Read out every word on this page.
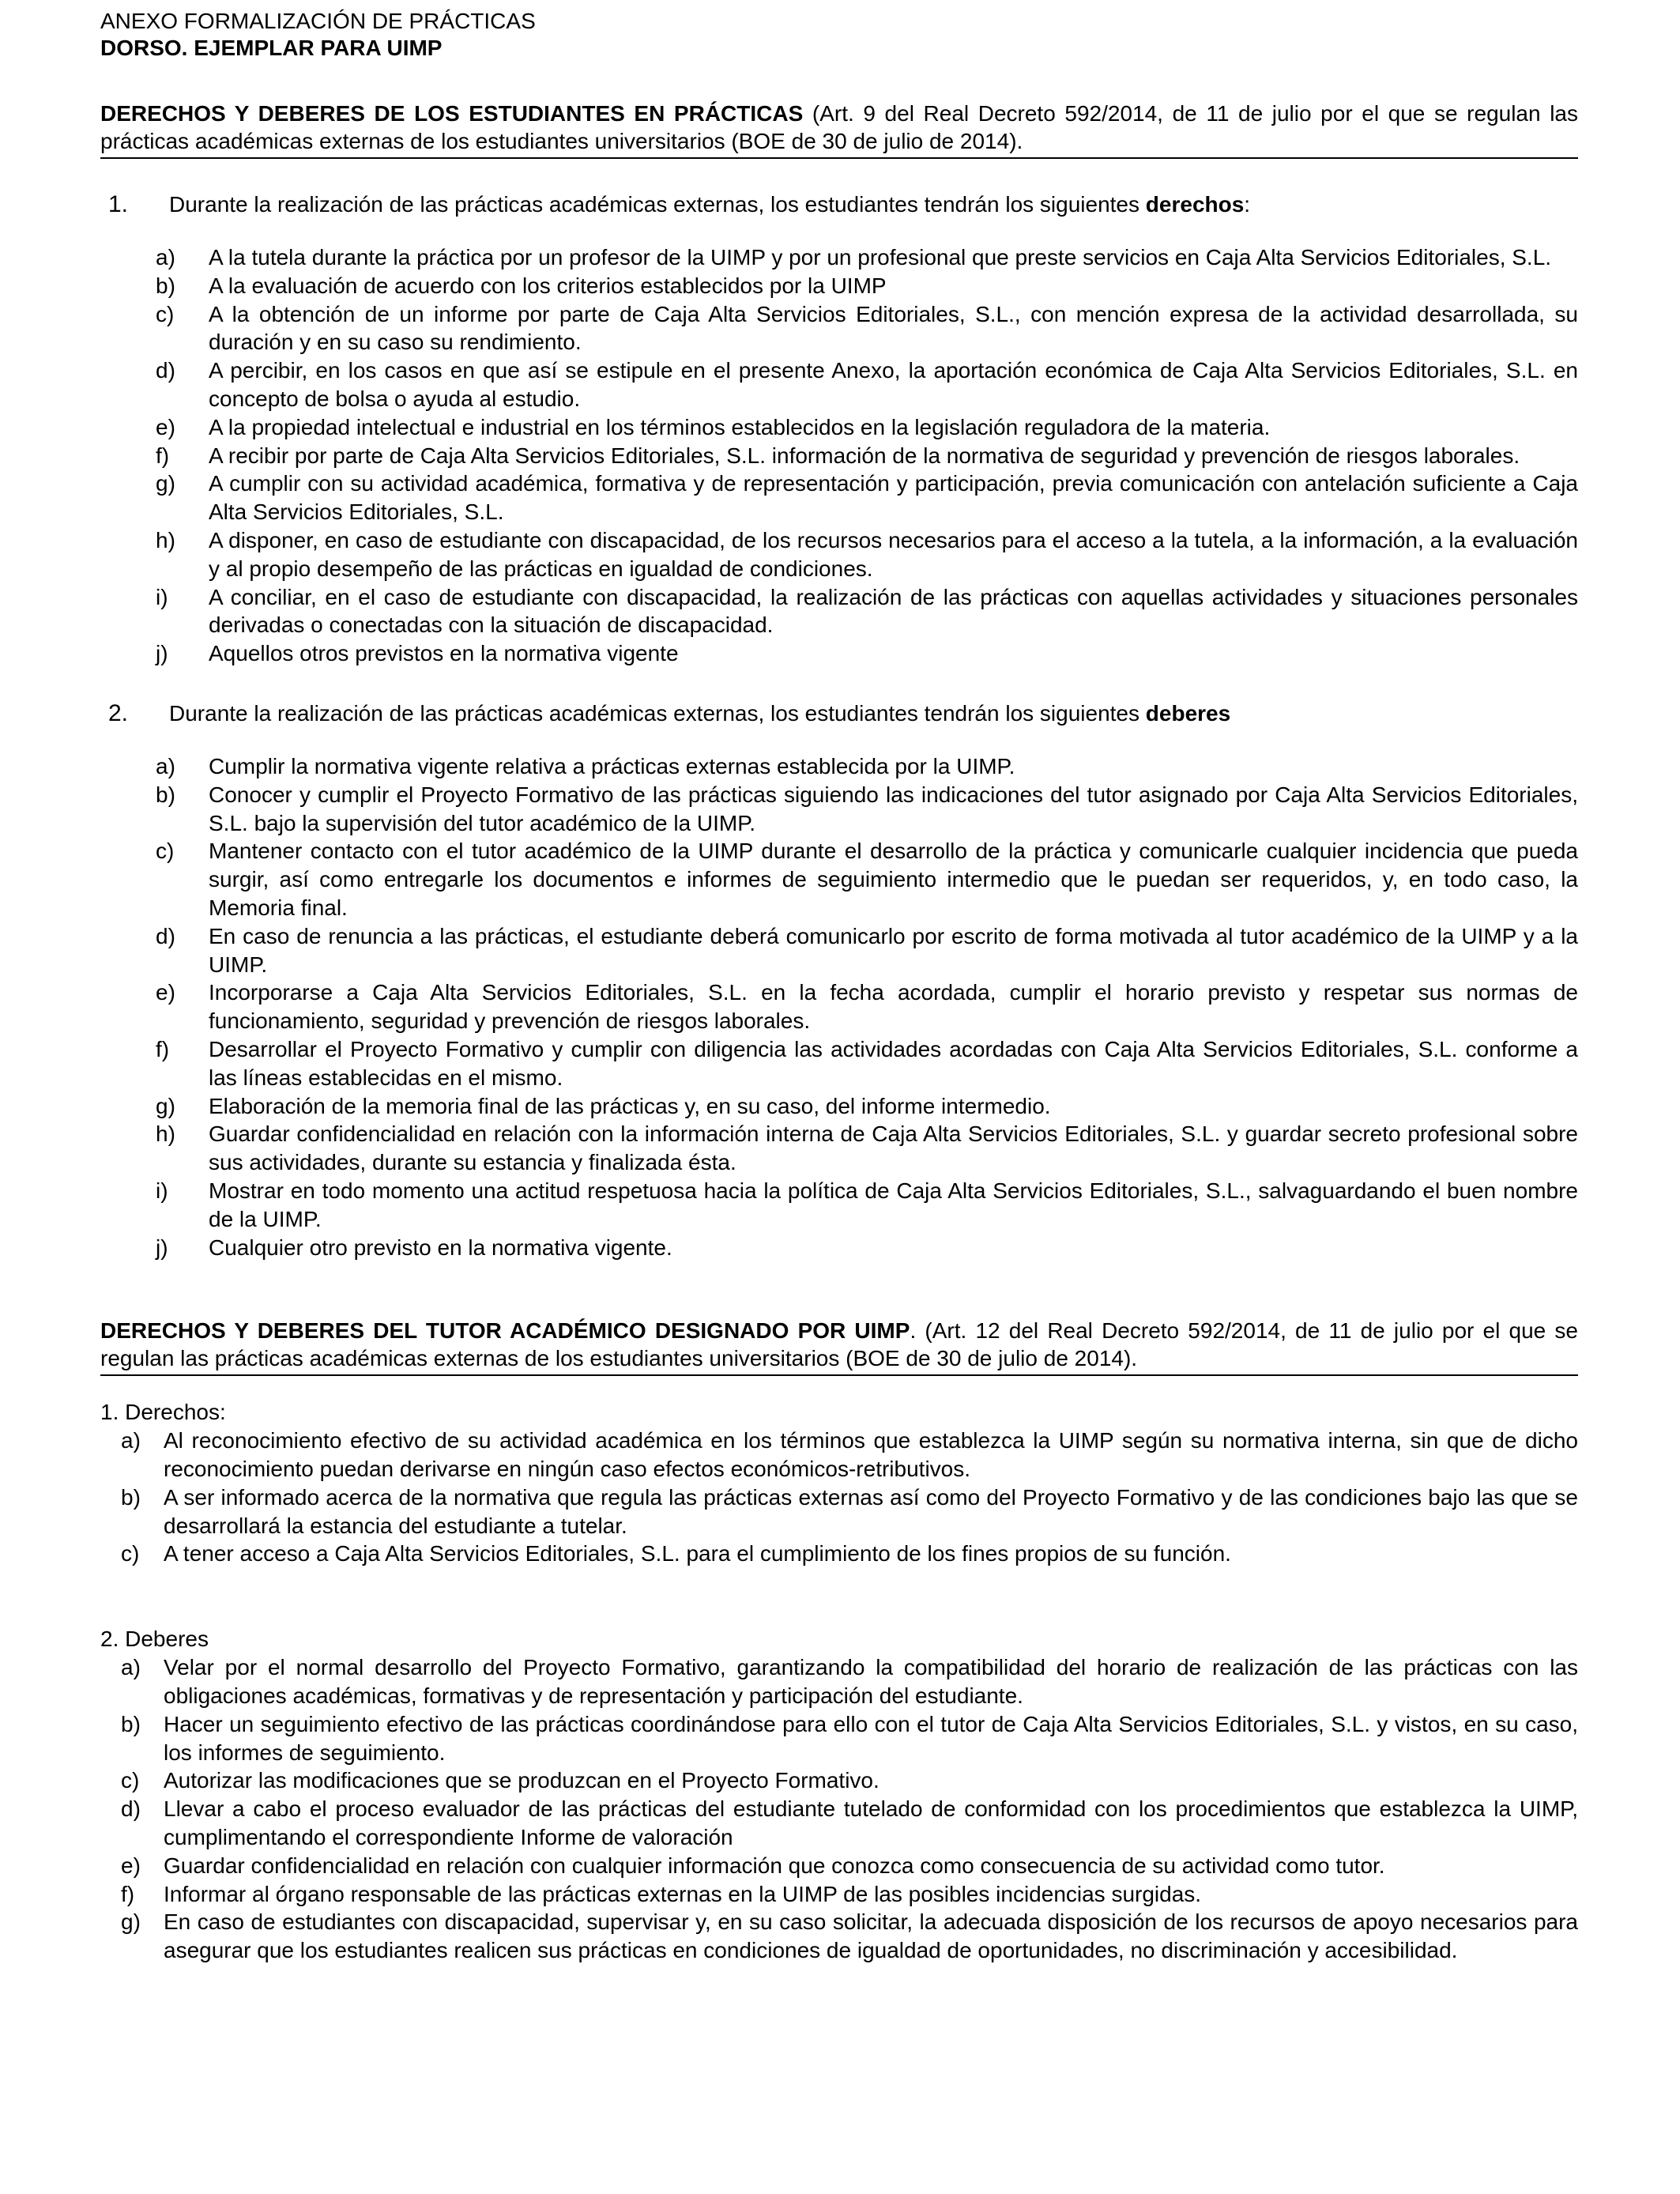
ANEXO FORMALIZACIÓN DE PRÁCTICAS
DORSO. EJEMPLAR PARA UIMP
DERECHOS Y DEBERES DE LOS ESTUDIANTES EN PRÁCTICAS (Art. 9 del Real Decreto 592/2014, de 11 de julio por el que se regulan las prácticas académicas externas de los estudiantes universitarios (BOE de 30 de julio de 2014).
1.	Durante la realización de las prácticas académicas externas, los estudiantes tendrán los siguientes derechos:
a)	A la tutela durante la práctica por un profesor de la UIMP y por un profesional que preste servicios en Caja Alta Servicios Editoriales, S.L.
b)	A la evaluación de acuerdo con los criterios establecidos por la UIMP
c)	A la obtención de un informe por parte de Caja Alta Servicios Editoriales, S.L., con mención expresa de la actividad desarrollada, su duración y en su caso su rendimiento.
d)	A percibir, en los casos en que así se estipule en el presente Anexo, la aportación económica de Caja Alta Servicios Editoriales, S.L. en concepto de bolsa o ayuda al estudio.
e)	A la propiedad intelectual e industrial en los términos establecidos en la legislación reguladora de la materia.
f)	A recibir por parte de Caja Alta Servicios Editoriales, S.L. información de la normativa de seguridad y prevención de riesgos laborales.
g)	A cumplir con su actividad académica, formativa y de representación y participación, previa comunicación con antelación suficiente a Caja Alta Servicios Editoriales, S.L.
h)	A disponer, en caso de estudiante con discapacidad, de los recursos necesarios para el acceso a la tutela, a la información, a la evaluación y al propio desempeño de las prácticas en igualdad de condiciones.
i)	A conciliar, en el caso de estudiante con discapacidad, la realización de las prácticas con aquellas actividades y situaciones personales derivadas o conectadas con la situación de discapacidad.
j)	Aquellos otros previstos en la normativa vigente
2.	Durante la realización de las prácticas académicas externas, los estudiantes tendrán los siguientes deberes
a)	Cumplir la normativa vigente relativa a prácticas externas establecida por la UIMP.
b)	Conocer y cumplir el Proyecto Formativo de las prácticas siguiendo las indicaciones del tutor asignado por Caja Alta Servicios Editoriales, S.L. bajo la supervisión del tutor académico de la UIMP.
c)	Mantener contacto con el tutor académico de la UIMP durante el desarrollo de la práctica y comunicarle cualquier incidencia que pueda surgir, así como entregarle los documentos e informes de seguimiento intermedio que le puedan ser requeridos, y, en todo caso, la Memoria final.
d)	En caso de renuncia a las prácticas, el estudiante deberá comunicarlo por escrito de forma motivada al tutor académico de la UIMP y a la UIMP.
e)	Incorporarse a Caja Alta Servicios Editoriales, S.L. en la fecha acordada, cumplir el horario previsto y respetar sus normas de funcionamiento, seguridad y prevención de riesgos laborales.
f)	Desarrollar el Proyecto Formativo y cumplir con diligencia las actividades acordadas con Caja Alta Servicios Editoriales, S.L. conforme a las líneas establecidas en el mismo.
g)	Elaboración de la memoria final de las prácticas y, en su caso, del informe intermedio.
h)	Guardar confidencialidad en relación con la información interna de Caja Alta Servicios Editoriales, S.L. y guardar secreto profesional sobre sus actividades, durante su estancia y finalizada ésta.
i)	Mostrar en todo momento una actitud respetuosa hacia la política de Caja Alta Servicios Editoriales, S.L., salvaguardando el buen nombre de la UIMP.
j)	Cualquier otro previsto en la normativa vigente.
DERECHOS Y DEBERES DEL TUTOR ACADÉMICO DESIGNADO POR UIMP. (Art. 12 del Real Decreto 592/2014, de 11 de julio por el que se regulan las prácticas académicas externas de los estudiantes universitarios (BOE de 30 de julio de 2014).
1. Derechos:
a)	Al reconocimiento efectivo de su actividad académica en los términos que establezca la UIMP según su normativa interna, sin que de dicho reconocimiento puedan derivarse en ningún caso efectos económicos-retributivos.
b)	A ser informado acerca de la normativa que regula las prácticas externas así como del Proyecto Formativo y de las condiciones bajo las que se desarrollará la estancia del estudiante a tutelar.
c)	A tener acceso a Caja Alta Servicios Editoriales, S.L. para el cumplimiento de los fines propios de su función.
2. Deberes
a)	Velar por el normal desarrollo del Proyecto Formativo, garantizando la compatibilidad del horario de realización de las prácticas con las obligaciones académicas, formativas y de representación y participación del estudiante.
b)	Hacer un seguimiento efectivo de las prácticas coordinándose para ello con el tutor de Caja Alta Servicios Editoriales, S.L. y vistos, en su caso, los informes de seguimiento.
c)	Autorizar las modificaciones que se produzcan en el Proyecto Formativo.
d)	Llevar a cabo el proceso evaluador de las prácticas del estudiante tutelado de conformidad con los procedimientos que establezca la UIMP, cumplimentando el correspondiente Informe de valoración
e)	Guardar confidencialidad en relación con cualquier información que conozca como consecuencia de su actividad como tutor.
f)	Informar al órgano responsable de las prácticas externas en la UIMP de las posibles incidencias surgidas.
g)	En caso de estudiantes con discapacidad, supervisar y, en su caso solicitar, la adecuada disposición de los recursos de apoyo necesarios para asegurar que los estudiantes realicen sus prácticas en condiciones de igualdad de oportunidades, no discriminación y accesibilidad.
